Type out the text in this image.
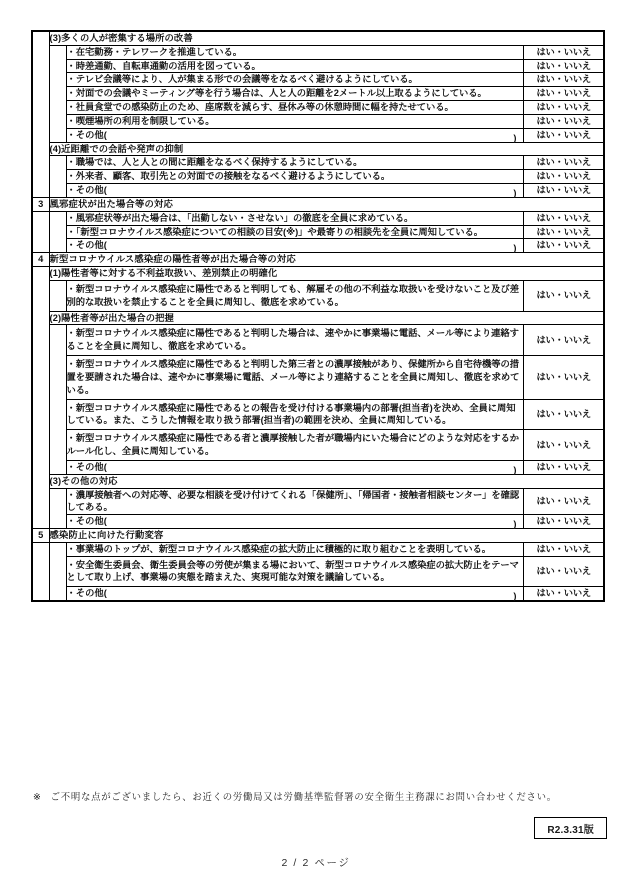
	(3)多くの人が密集する場所の改善		
		・在宅勤務・テレワークを推進している。	はい・いいえ
		・時差通勤、自転車通勤の活用を図っている。	はい・いいえ
		・テレビ会議等により、人が集まる形での会議等をなるべく避けるようにしている。	はい・いいえ
		・対面での会議やミーティング等を行う場合は、人と人の距離を2メートル以上取るようにしている。	はい・いいえ
		・社員食堂での感染防止のため、座席数を減らす、昼休み等の休憩時間に幅を持たせている。	はい・いいえ
		・喫煙場所の利用を制限している。	はい・いいえ
		・その他( )	はい・いいえ
	(4)近距離での会話や発声の抑制		
		・職場では、人と人との間に距離をなるべく保持するようにしている。	はい・いいえ
		・外来者、顧客、取引先との対面での接触をなるべく避けるようにしている。	はい・いいえ
		・その他( )	はい・いいえ
3	風邪症状が出た場合等の対応		
		・風邪症状等が出た場合は、「出勤しない・させない」の徹底を全員に求めている。	はい・いいえ
		・「新型コロナウイルス感染症についての相談の目安(※)」や最寄りの相談先を全員に周知している。	はい・いいえ
		・その他( )	はい・いいえ
4	新型コロナウイルス感染症の陽性者等が出た場合等の対応		
	(1)陽性者等に対する不利益取扱い、差別禁止の明確化		
		・新型コロナウイルス感染症に陽性であると判明しても、解雇その他の不利益な取扱いを受けないこと及び差別的な取扱いを禁止することを全員に周知し、徹底を求めている。	はい・いいえ
	(2)陽性者等が出た場合の把握		
		・新型コロナウイルス感染症に陽性であると判明した場合は、速やかに事業場に電話、メール等により連絡することを全員に周知し、徹底を求めている。	はい・いいえ
		・新型コロナウイルス感染症に陽性であると判明した第三者との濃厚接触があり、保健所から自宅待機等の措置を要請された場合は、速やかに事業場に電話、メール等により連絡することを全員に周知し、徹底を求めている。	はい・いいえ
		・新型コロナウイルス感染症に陽性であるとの報告を受け付ける事業場内の部署(担当者)を決め、全員に周知している。また、こうした情報を取り扱う部署(担当者)の範囲を決め、全員に周知している。	はい・いいえ
		・新型コロナウイルス感染症に陽性である者と濃厚接触した者が職場内にいた場合にどのような対応をするかルール化し、全員に周知している。	はい・いいえ
		・その他( )	はい・いいえ
	(3)その他の対応		
		・濃厚接触者への対応等、必要な相談を受け付けてくれる「保健所」、「帰国者・接触者相談センター」を確認してある。	はい・いいえ
		・その他( )	はい・いいえ
5	感染防止に向けた行動変容		
		・事業場のトップが、新型コロナウイルス感染症の拡大防止に積極的に取り組むことを表明している。	はい・いいえ
		・安全衛生委員会、衛生委員会等の労使が集まる場において、新型コロナウイルス感染症の拡大防止をテーマとして取り上げ、事業場の実態を踏まえた、実現可能な対策を議論している。	はい・いいえ
		・その他( )	はい・いいえ
※ ご不明な点がございましたら、お近くの労働局又は労働基準監督署の安全衛生主務課にお問い合わせください。
R2.3.31版
2 / 2 ページ
